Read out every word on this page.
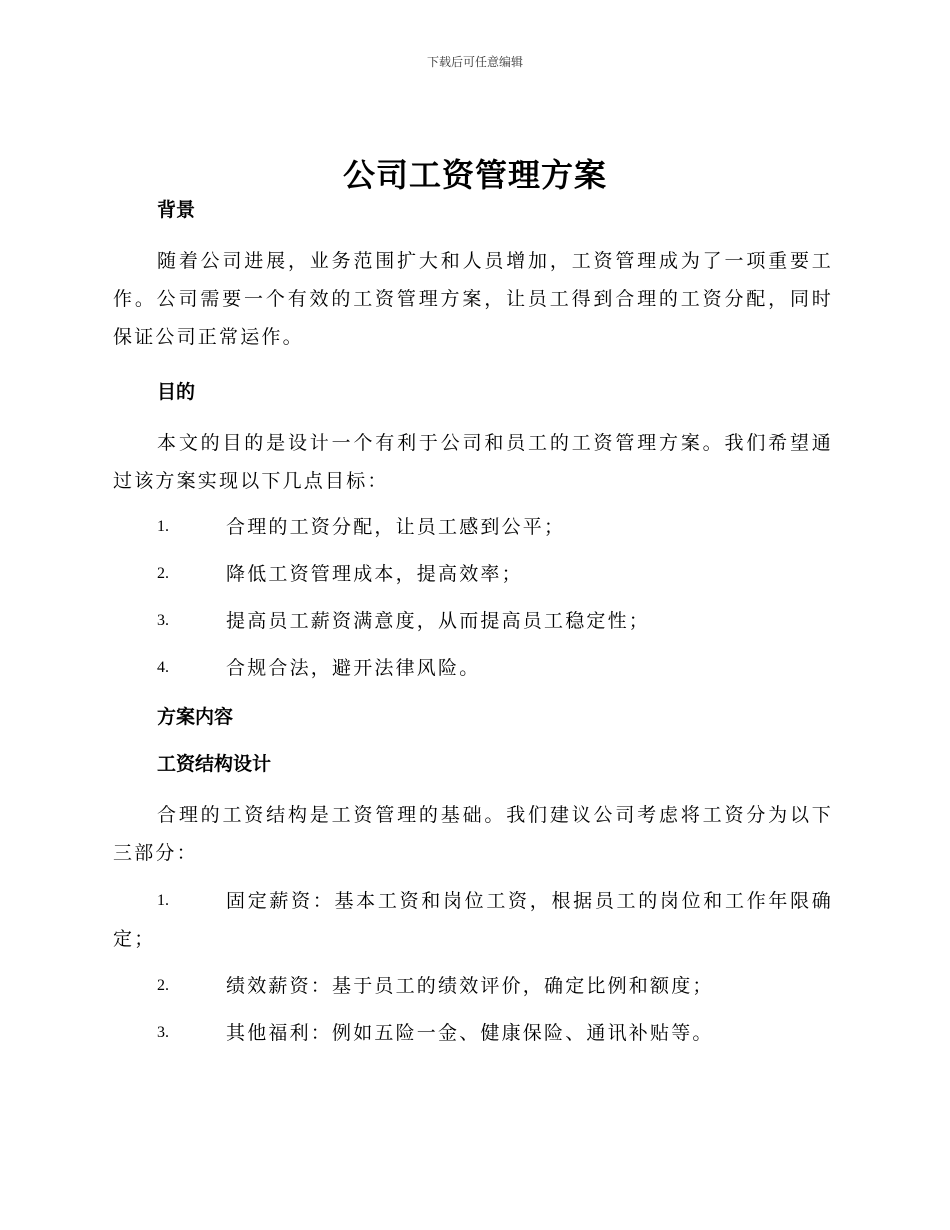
下载后可任意编辑
公司工资管理方案
背景
随着公司进展，业务范围扩大和人员增加，工资管理成为了一项重要工作。公司需要一个有效的工资管理方案，让员工得到合理的工资分配，同时保证公司正常运作。
目的
本文的目的是设计一个有利于公司和员工的工资管理方案。我们希望通过该方案实现以下几点目标：
1.	合理的工资分配，让员工感到公平；
2.	降低工资管理成本，提高效率；
3.	提高员工薪资满意度，从而提高员工稳定性；
4.	合规合法，避开法律风险。
方案内容
工资结构设计
合理的工资结构是工资管理的基础。我们建议公司考虑将工资分为以下三部分：
1.	固定薪资：基本工资和岗位工资，根据员工的岗位和工作年限确定；
2.	绩效薪资：基于员工的绩效评价，确定比例和额度；
3.	其他福利：例如五险一金、健康保险、通讯补贴等。
